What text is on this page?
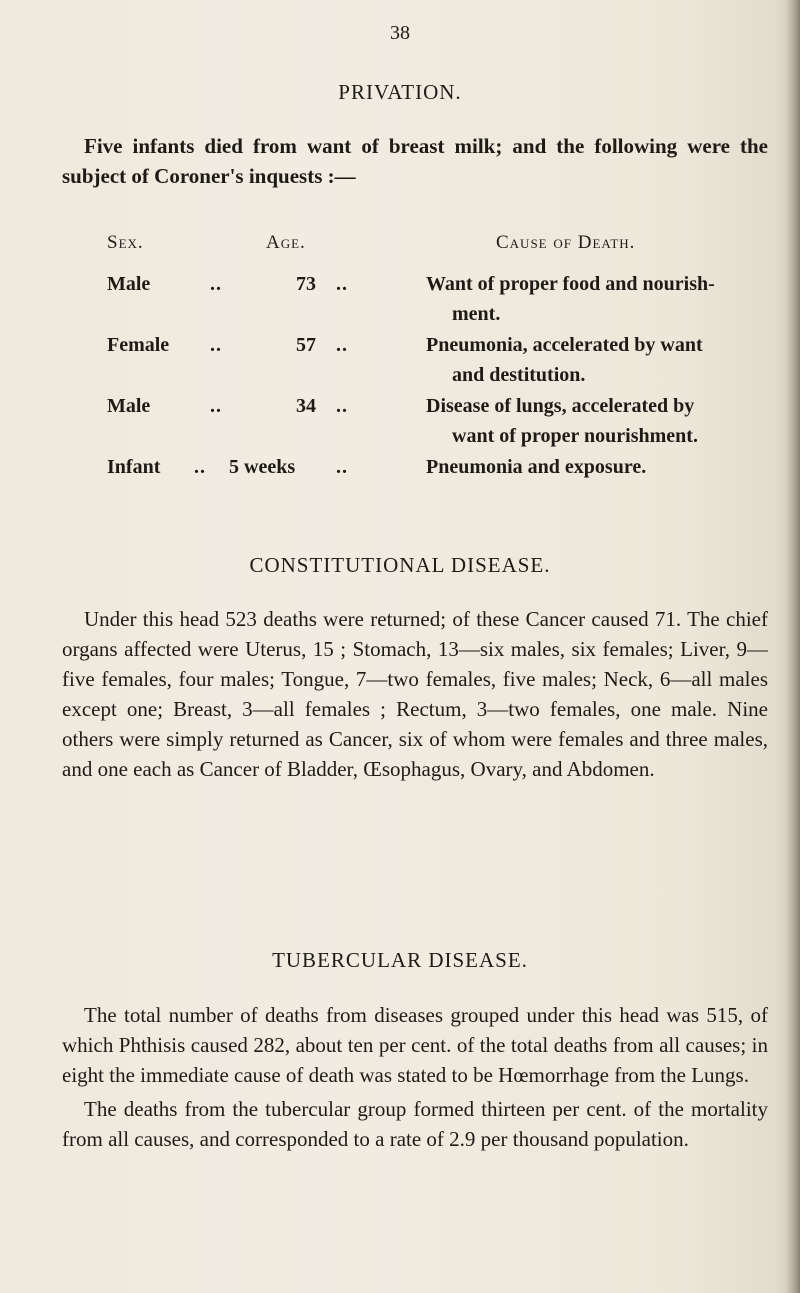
38
PRIVATION.

Five infants died from want of breast milk; and the following were the subject of Coroner's inquests :—

Sex.	Age.	Cause of Death.
Male	..	73	..	Want of proper food and nourish-
ment.
Female ..	57	..	Pneumonia, accelerated by want
and destitution.
Male	..	34	..	Disease of lungs, accelerated by
want of proper nourishment.
Infant .. 5 weeks ..	Pneumonia and exposure.
CONSTITUTIONAL DISEASE.

Under this head 523 deaths were returned; of these Cancer caused 71. The chief organs affected were Uterus, 15 ; Stomach, 13—six males, six females; Liver, 9—five females, four males; Tongue, 7—two females, five males; Neck, 6—all males except one; Breast, 3—all females ; Rectum, 3—two females, one male. Nine others were simply returned as Cancer, six of whom were females and three males, and one each as Cancer of Bladder, Œsophagus, Ovary, and Abdomen.

TUBERCULAR DISEASE.

The total number of deaths from diseases grouped under this head was 515, of which Phthisis caused 282, about ten per cent. of the total deaths from all causes; in eight the immediate cause of death was stated to be Hœmorrhage from the Lungs.

The deaths from the tubercular group formed thirteen per cent. of the mortality from all causes, and corresponded to a rate of 2.9 per thousand population.
